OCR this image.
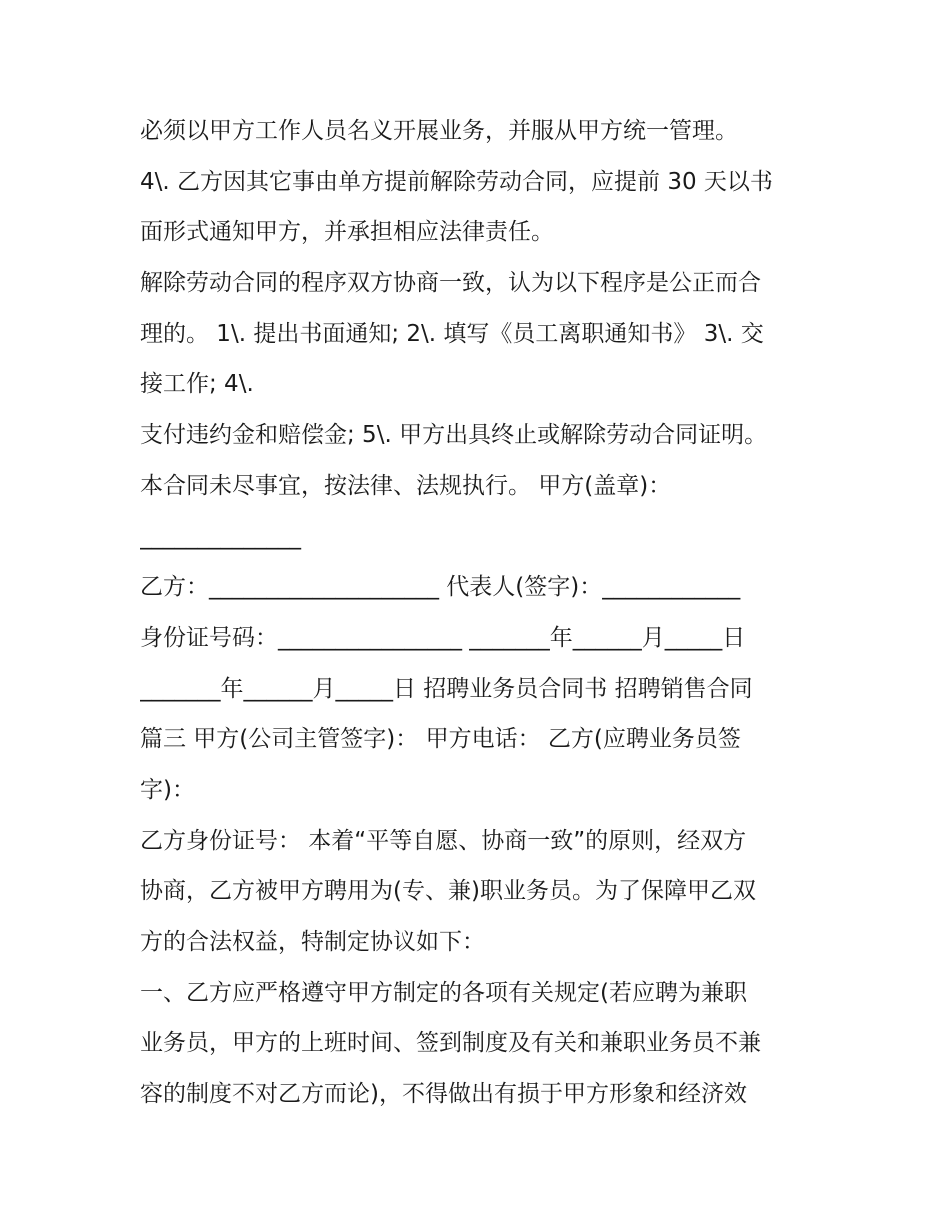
必须以甲方工作人员名义开展业务，并服从甲方统一管理。
4\. 乙方因其它事由单方提前解除劳动合同，应提前 30 天以书
面形式通知甲方，并承担相应法律责任。
解除劳动合同的程序双方协商一致，认为以下程序是公正而合
理的。 1\. 提出书面通知; 2\. 填写《员工离职通知书》 3\. 交
接工作; 4\.
支付违约金和赔偿金; 5\. 甲方出具终止或解除劳动合同证明。
本合同未尽事宜，按法律、法规执行。 甲方(盖章)：
______________
乙方：____________________ 代表人(签字)：____________
身份证号码：________________ _______年______月_____日
_______年______月_____日 招聘业务员合同书 招聘销售合同
篇三 甲方(公司主管签字)： 甲方电话： 乙方(应聘业务员签
字)：
乙方身份证号： 本着“平等自愿、协商一致”的原则，经双方
协商，乙方被甲方聘用为(专、兼)职业务员。为了保障甲乙双
方的合法权益，特制定协议如下：
一、乙方应严格遵守甲方制定的各项有关规定(若应聘为兼职
业务员，甲方的上班时间、签到制度及有关和兼职业务员不兼
容的制度不对乙方而论)，不得做出有损于甲方形象和经济效
